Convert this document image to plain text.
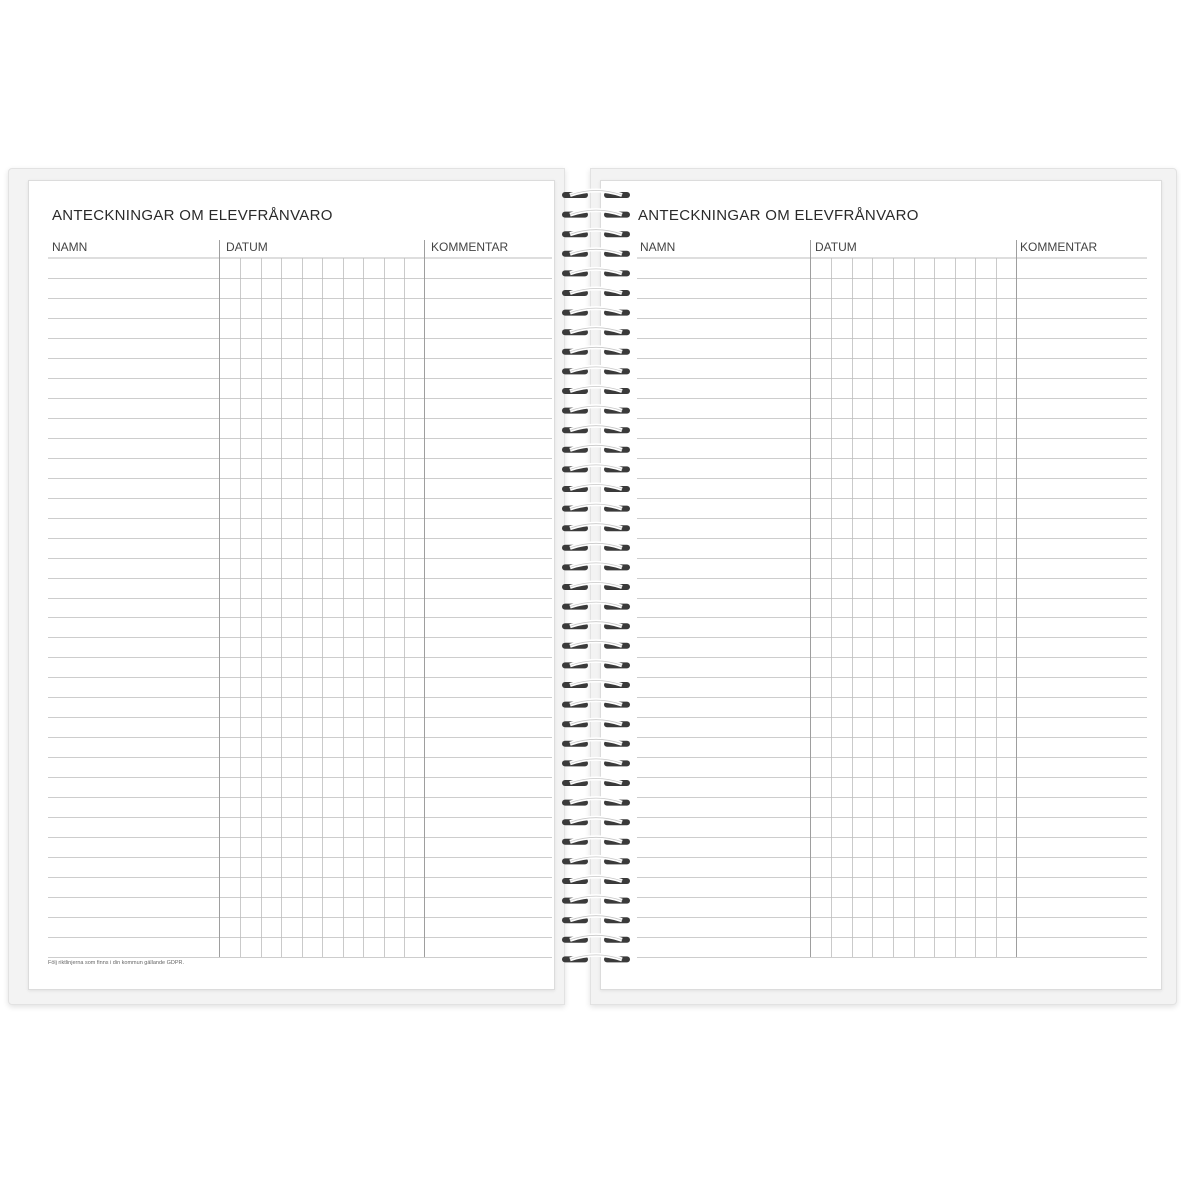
ANTECKNINGAR OM ELEVFRÅNVARO
NAMN	DATUM	KOMMENTAR
Följ riktlinjerna som finns i din kommun gällande GDPR.
ANTECKNINGAR OM ELEVFRÅNVARO
NAMN	DATUM	KOMMENTAR
